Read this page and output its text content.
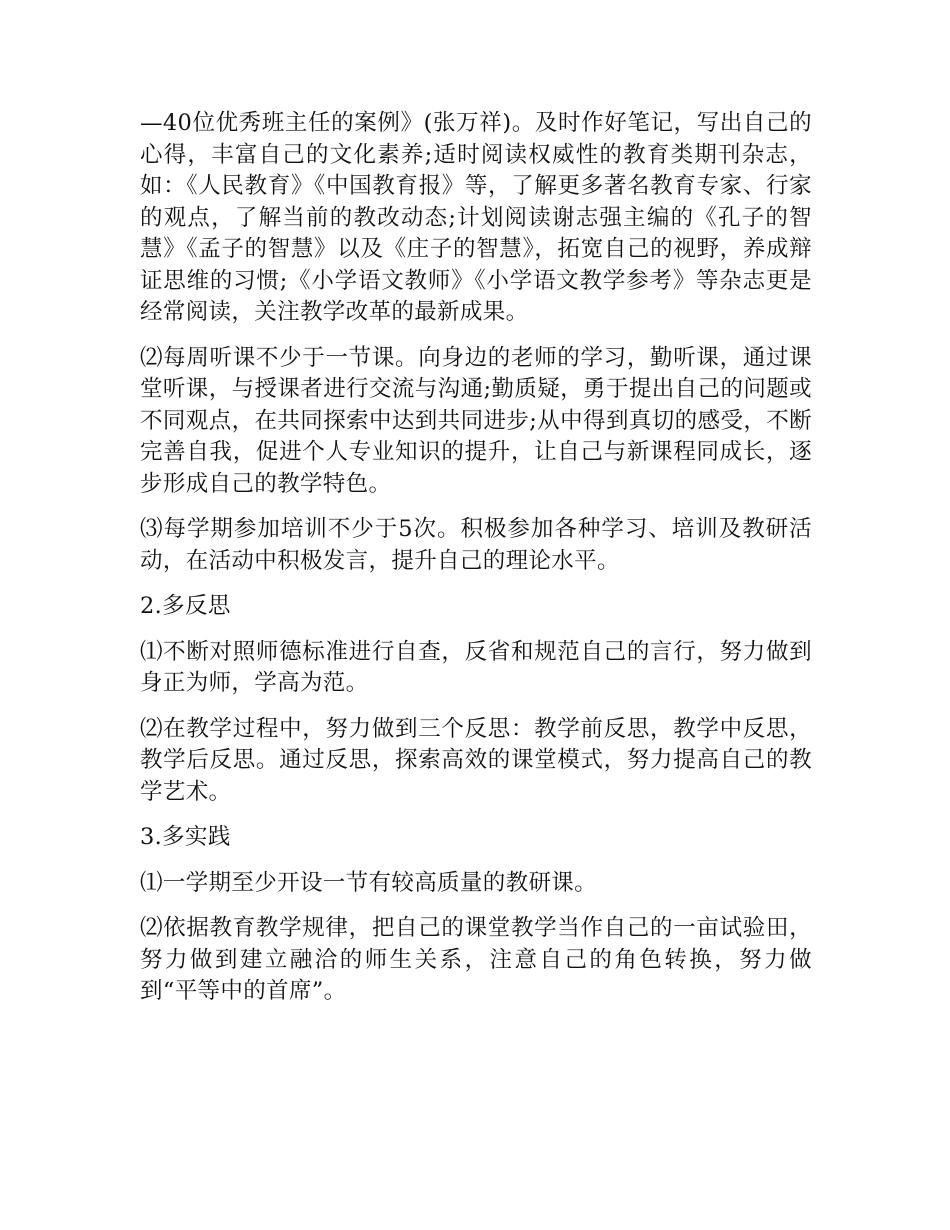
—40位优秀班主任的案例》(张万祥)。及时作好笔记，写出自己的心得，丰富自己的文化素养;适时阅读权威性的教育类期刊杂志，如：《人民教育》《中国教育报》等，了解更多著名教育专家、行家的观点，了解当前的教改动态;计划阅读谢志强主编的《孔子的智慧》《孟子的智慧》以及《庄子的智慧》，拓宽自己的视野，养成辩证思维的习惯;《小学语文教师》《小学语文教学参考》等杂志更是经常阅读，关注教学改革的最新成果。

⑵每周听课不少于一节课。向身边的老师的学习，勤听课，通过课堂听课，与授课者进行交流与沟通;勤质疑，勇于提出自己的问题或不同观点，在共同探索中达到共同进步;从中得到真切的感受，不断完善自我，促进个人专业知识的提升，让自己与新课程同成长，逐步形成自己的教学特色。

⑶每学期参加培训不少于5次。积极参加各种学习、培训及教研活动，在活动中积极发言，提升自己的理论水平。

2.多反思

⑴不断对照师德标准进行自查，反省和规范自己的言行，努力做到身正为师，学高为范。

⑵在教学过程中，努力做到三个反思：教学前反思，教学中反思，教学后反思。通过反思，探索高效的课堂模式，努力提高自己的教学艺术。

3.多实践

⑴一学期至少开设一节有较高质量的教研课。

⑵依据教育教学规律，把自己的课堂教学当作自己的一亩试验田，努力做到建立融洽的师生关系，注意自己的角色转换，努力做到“平等中的首席”。
